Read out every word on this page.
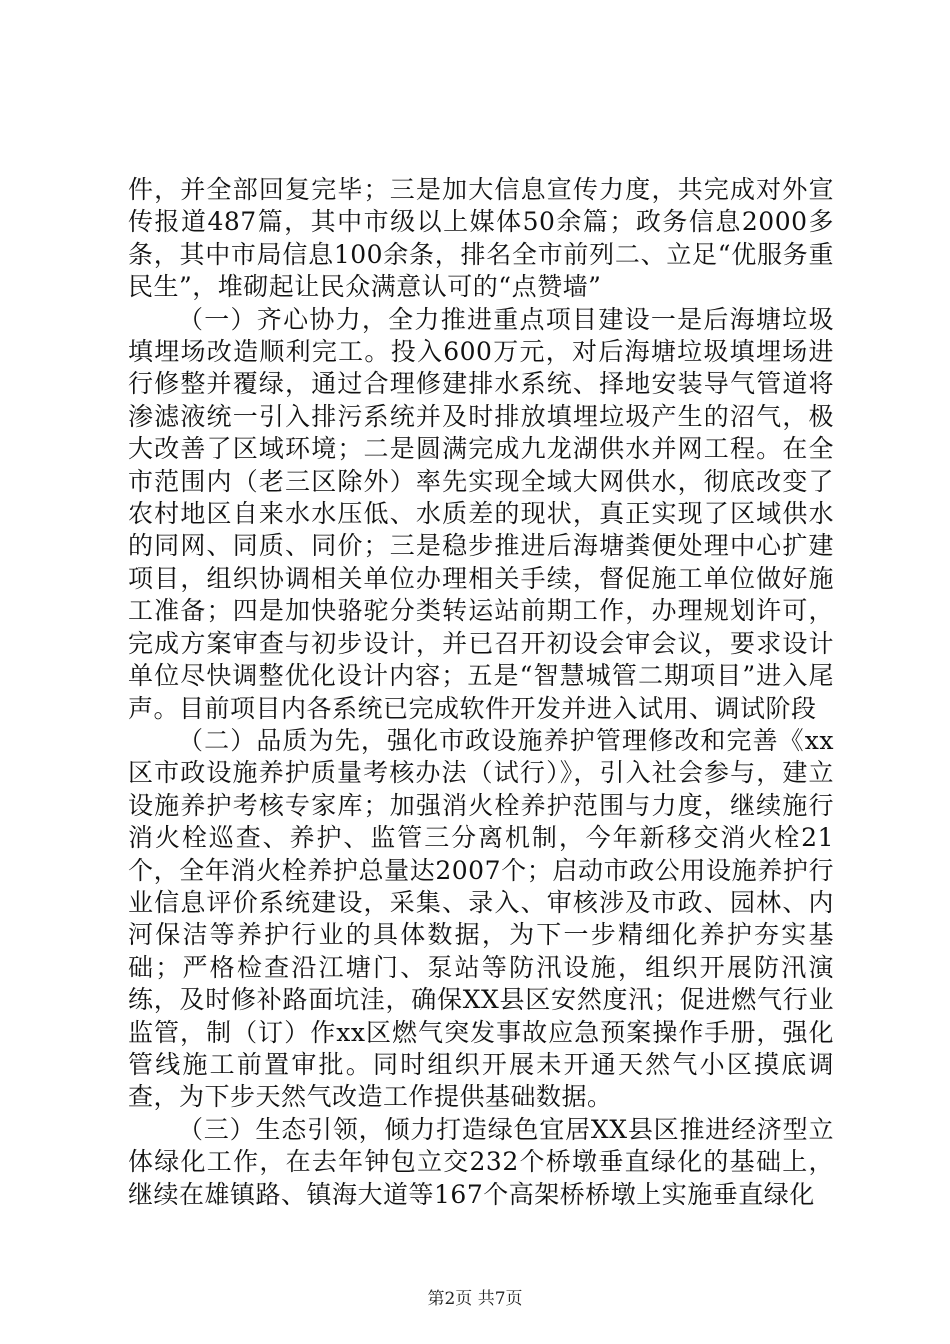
件，并全部回复完毕；三是加大信息宣传力度，共完成对外宣传报道487篇，其中市级以上媒体50余篇；政务信息2000多条，其中市局信息100余条，排名全市前列二、立足“优服务重民生”，堆砌起让民众满意认可的“点赞墙”

（一）齐心协力，全力推进重点项目建设一是后海塘垃圾填埋场改造顺利完工。投入600万元，对后海塘垃圾填埋场进行修整并覆绿，通过合理修建排水系统、择地安装导气管道将渗滤液统一引入排污系统并及时排放填埋垃圾产生的沼气，极大改善了区域环境；二是圆满完成九龙湖供水并网工程。在全市范围内（老三区除外）率先实现全域大网供水，彻底改变了农村地区自来水水压低、水质差的现状，真正实现了区域供水的同网、同质、同价；三是稳步推进后海塘粪便处理中心扩建项目，组织协调相关单位办理相关手续，督促施工单位做好施工准备；四是加快骆驼分类转运站前期工作，办理规划许可，完成方案审查与初步设计，并已召开初设会审会议，要求设计单位尽快调整优化设计内容；五是“智慧城管二期项目”进入尾声。目前项目内各系统已完成软件开发并进入试用、调试阶段

（二）品质为先，强化市政设施养护管理修改和完善《xx区市政设施养护质量考核办法（试行）》，引入社会参与，建立设施养护考核专家库；加强消火栓养护范围与力度，继续施行消火栓巡查、养护、监管三分离机制，今年新移交消火栓21个，全年消火栓养护总量达2007个；启动市政公用设施养护行业信息评价系统建设，采集、录入、审核涉及市政、园林、内河保洁等养护行业的具体数据，为下一步精细化养护夯实基础；严格检查沿江塘门、泵站等防汛设施，组织开展防汛演练，及时修补路面坑洼，确保XX县区安然度汛；促进燃气行业监管，制（订）作xx区燃气突发事故应急预案操作手册，强化管线施工前置审批。同时组织开展未开通天然气小区摸底调查，为下步天然气改造工作提供基础数据。

（三）生态引领，倾力打造绿色宜居XX县区推进经济型立体绿化工作，在去年钟包立交232个桥墩垂直绿化的基础上，继续在雄镇路、镇海大道等167个高架桥桥墩上实施垂直绿化

第2页 共7页
